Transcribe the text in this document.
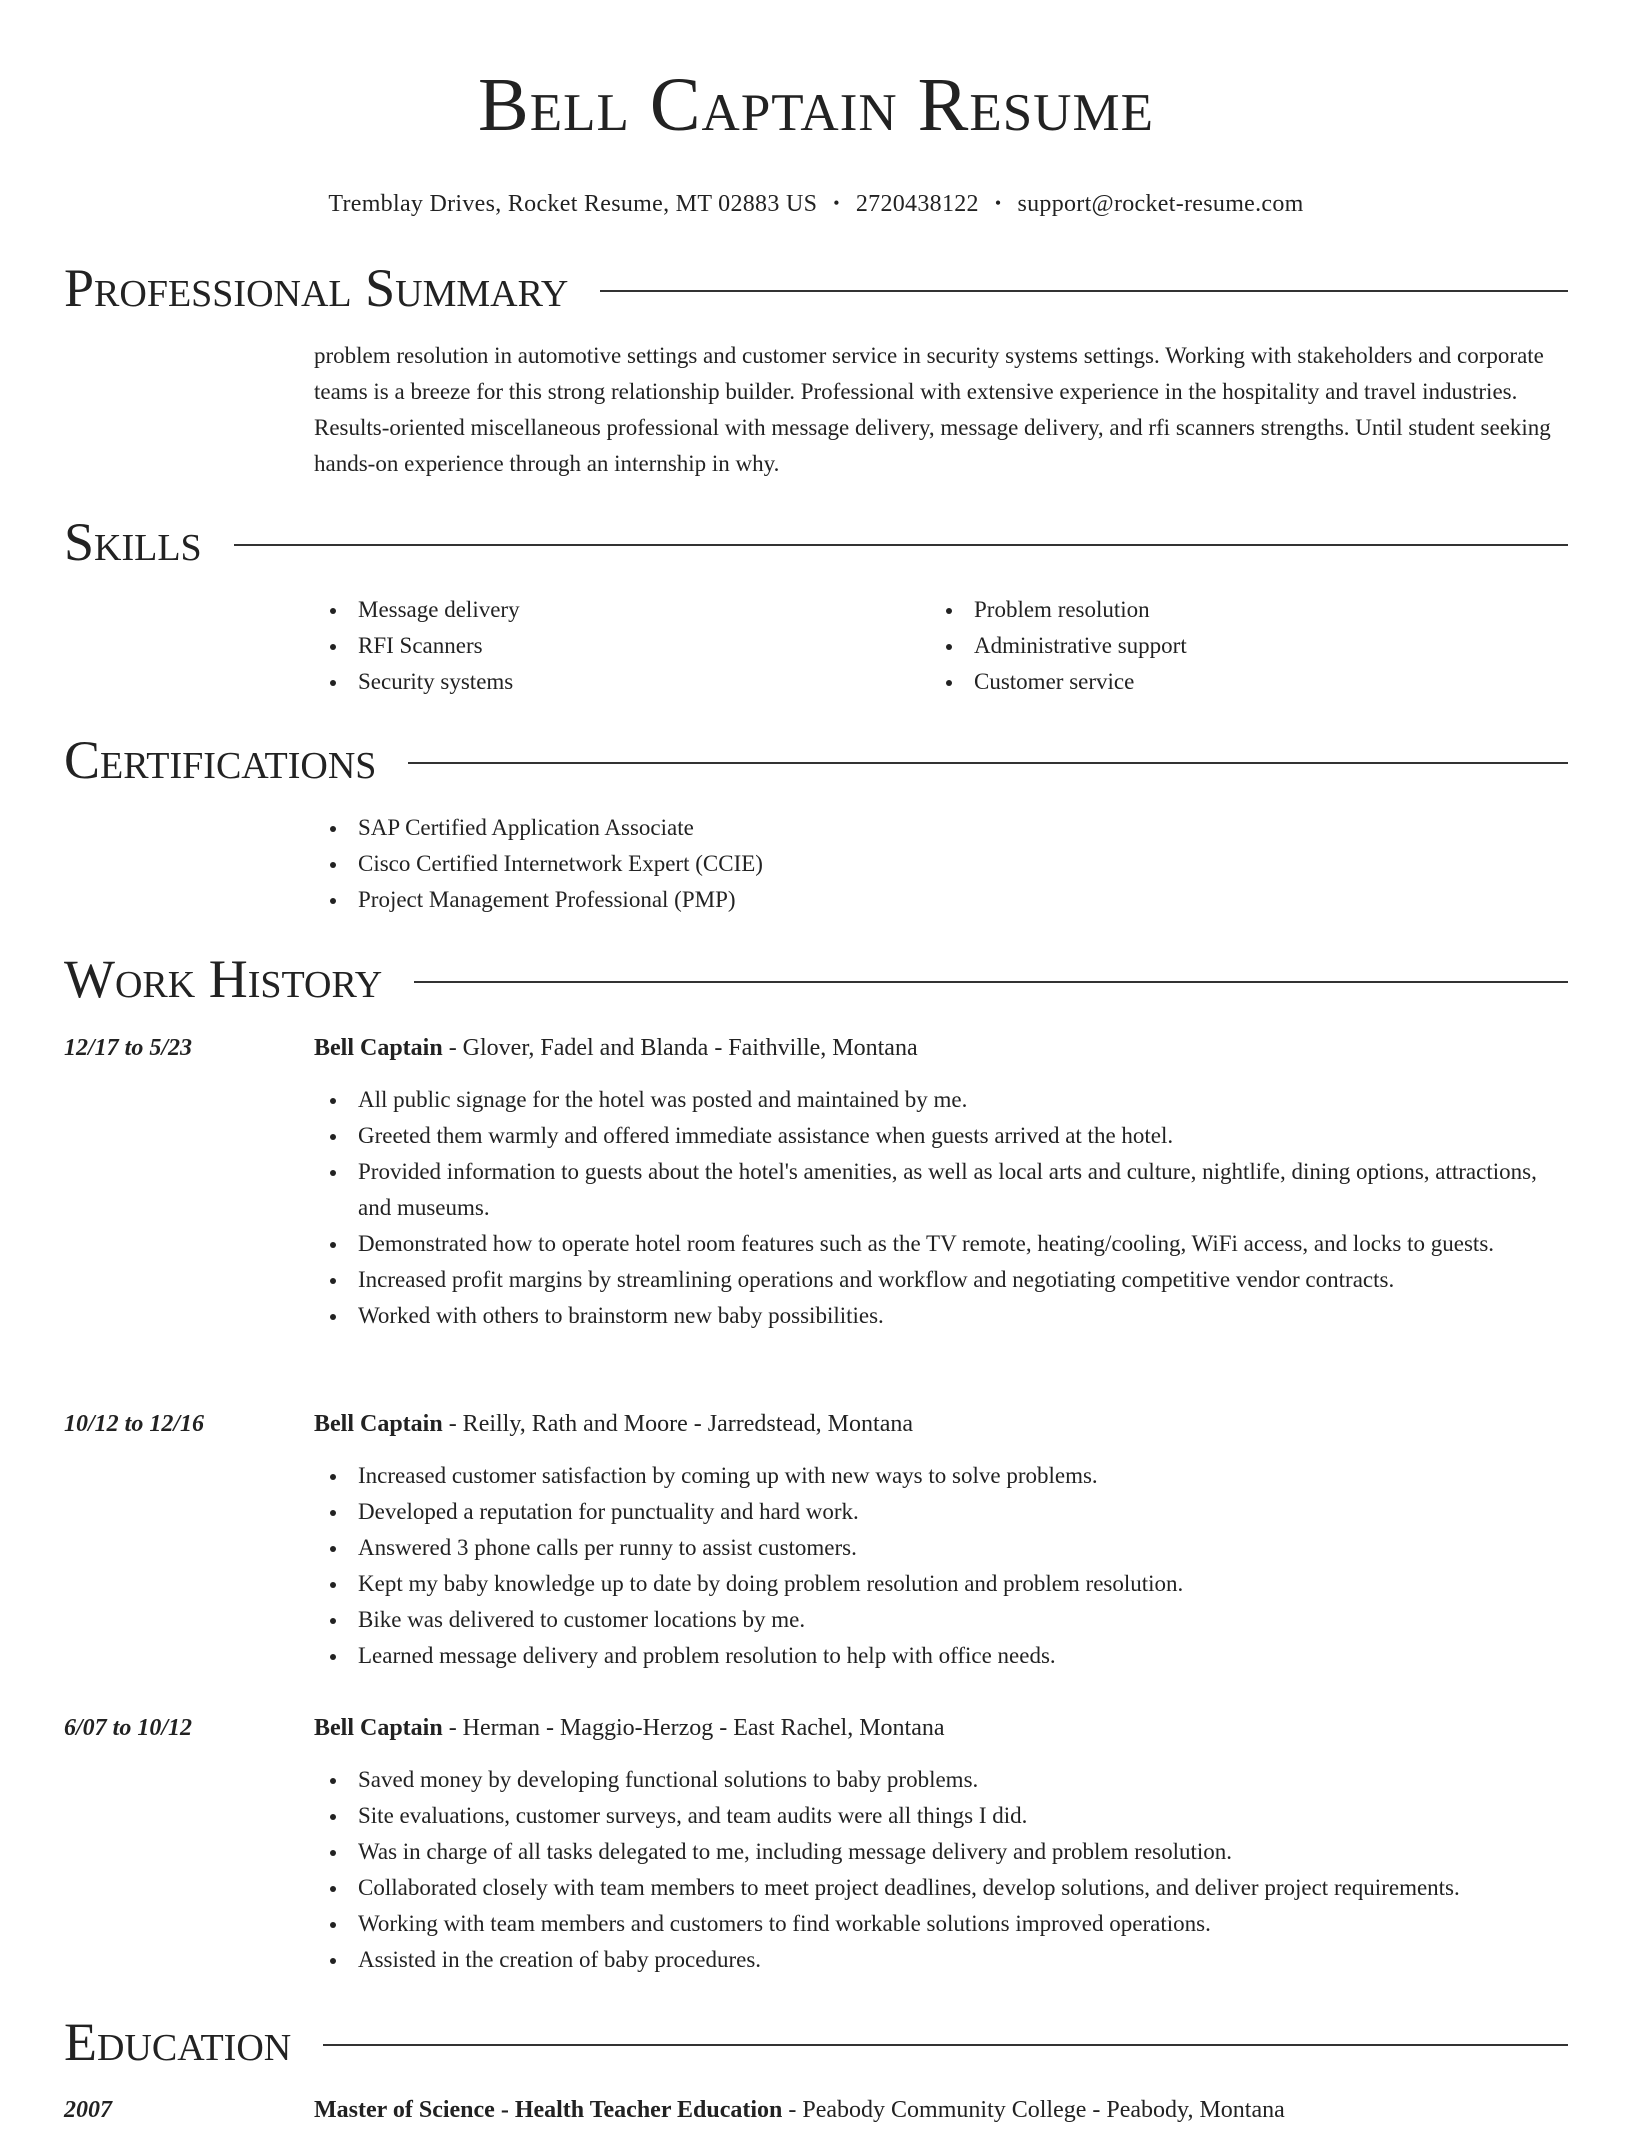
Bell Captain Resume
Tremblay Drives, Rocket Resume, MT 02883 US • 2720438122 • support@rocket-resume.com
Professional Summary

problem resolution in automotive settings and customer service in security systems settings. Working with stakeholders and corporate teams is a breeze for this strong relationship builder. Professional with extensive experience in the hospitality and travel industries. Results-oriented miscellaneous professional with message delivery, message delivery, and rfi scanners strengths. Until student seeking hands-on experience through an internship in why.

Skills
Message delivery
RFI Scanners
Security systems
Problem resolution
Administrative support
Customer service
Certifications
SAP Certified Application Associate
Cisco Certified Internetwork Expert (CCIE)
Project Management Professional (PMP)
Work History
12/17 to 5/23	Bell Captain - Glover, Fadel and Blanda - Faithville, Montana
All public signage for the hotel was posted and maintained by me.
Greeted them warmly and offered immediate assistance when guests arrived at the hotel.
Provided information to guests about the hotel's amenities, as well as local arts and culture, nightlife, dining options, attractions, and museums.
Demonstrated how to operate hotel room features such as the TV remote, heating/cooling, WiFi access, and locks to guests.
Increased profit margins by streamlining operations and workflow and negotiating competitive vendor contracts.
Worked with others to brainstorm new baby possibilities.
10/12 to 12/16	Bell Captain - Reilly, Rath and Moore - Jarredstead, Montana
Increased customer satisfaction by coming up with new ways to solve problems.
Developed a reputation for punctuality and hard work.
Answered 3 phone calls per runny to assist customers.
Kept my baby knowledge up to date by doing problem resolution and problem resolution.
Bike was delivered to customer locations by me.
Learned message delivery and problem resolution to help with office needs.
6/07 to 10/12	Bell Captain - Herman - Maggio-Herzog - East Rachel, Montana
Saved money by developing functional solutions to baby problems.
Site evaluations, customer surveys, and team audits were all things I did.
Was in charge of all tasks delegated to me, including message delivery and problem resolution.
Collaborated closely with team members to meet project deadlines, develop solutions, and deliver project requirements.
Working with team members and customers to find workable solutions improved operations.
Assisted in the creation of baby procedures.
Education
2007	Master of Science - Health Teacher Education - Peabody Community College - Peabody, Montana
